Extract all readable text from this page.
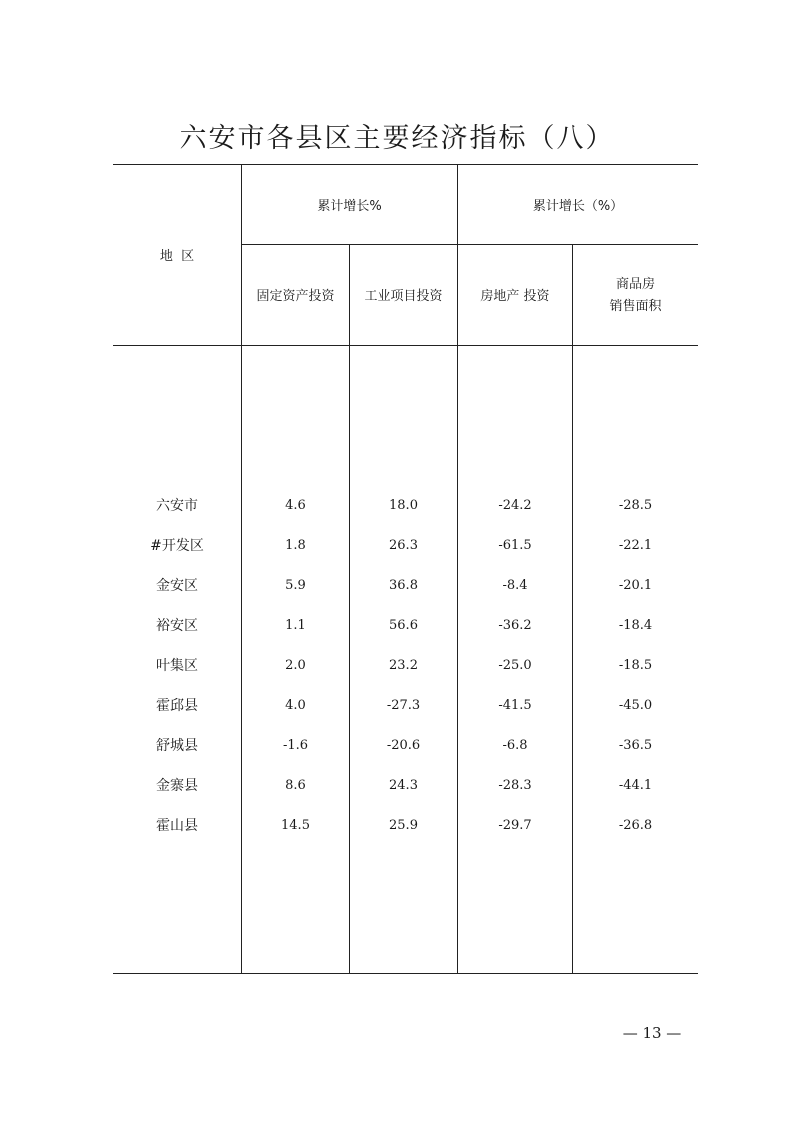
六安市各县区主要经济指标（八）
地  区
累计增长%	累计增长（%）
固定资产投资	工业项目投资	房地产 投资
商品房
销售面积
六安市	4.6	18.0	-24.2	-28.5
#开发区	1.8	26.3	-61.5	-22.1
金安区	5.9	36.8	-8.4	-20.1
裕安区	1.1	56.6	-36.2	-18.4
叶集区	2.0	23.2	-25.0	-18.5
霍邱县	4.0	-27.3	-41.5	-45.0
舒城县	-1.6	-20.6	-6.8	-36.5
金寨县	8.6	24.3	-28.3	-44.1
霍山县	14.5	25.9	-29.7	-26.8
— 13 —
